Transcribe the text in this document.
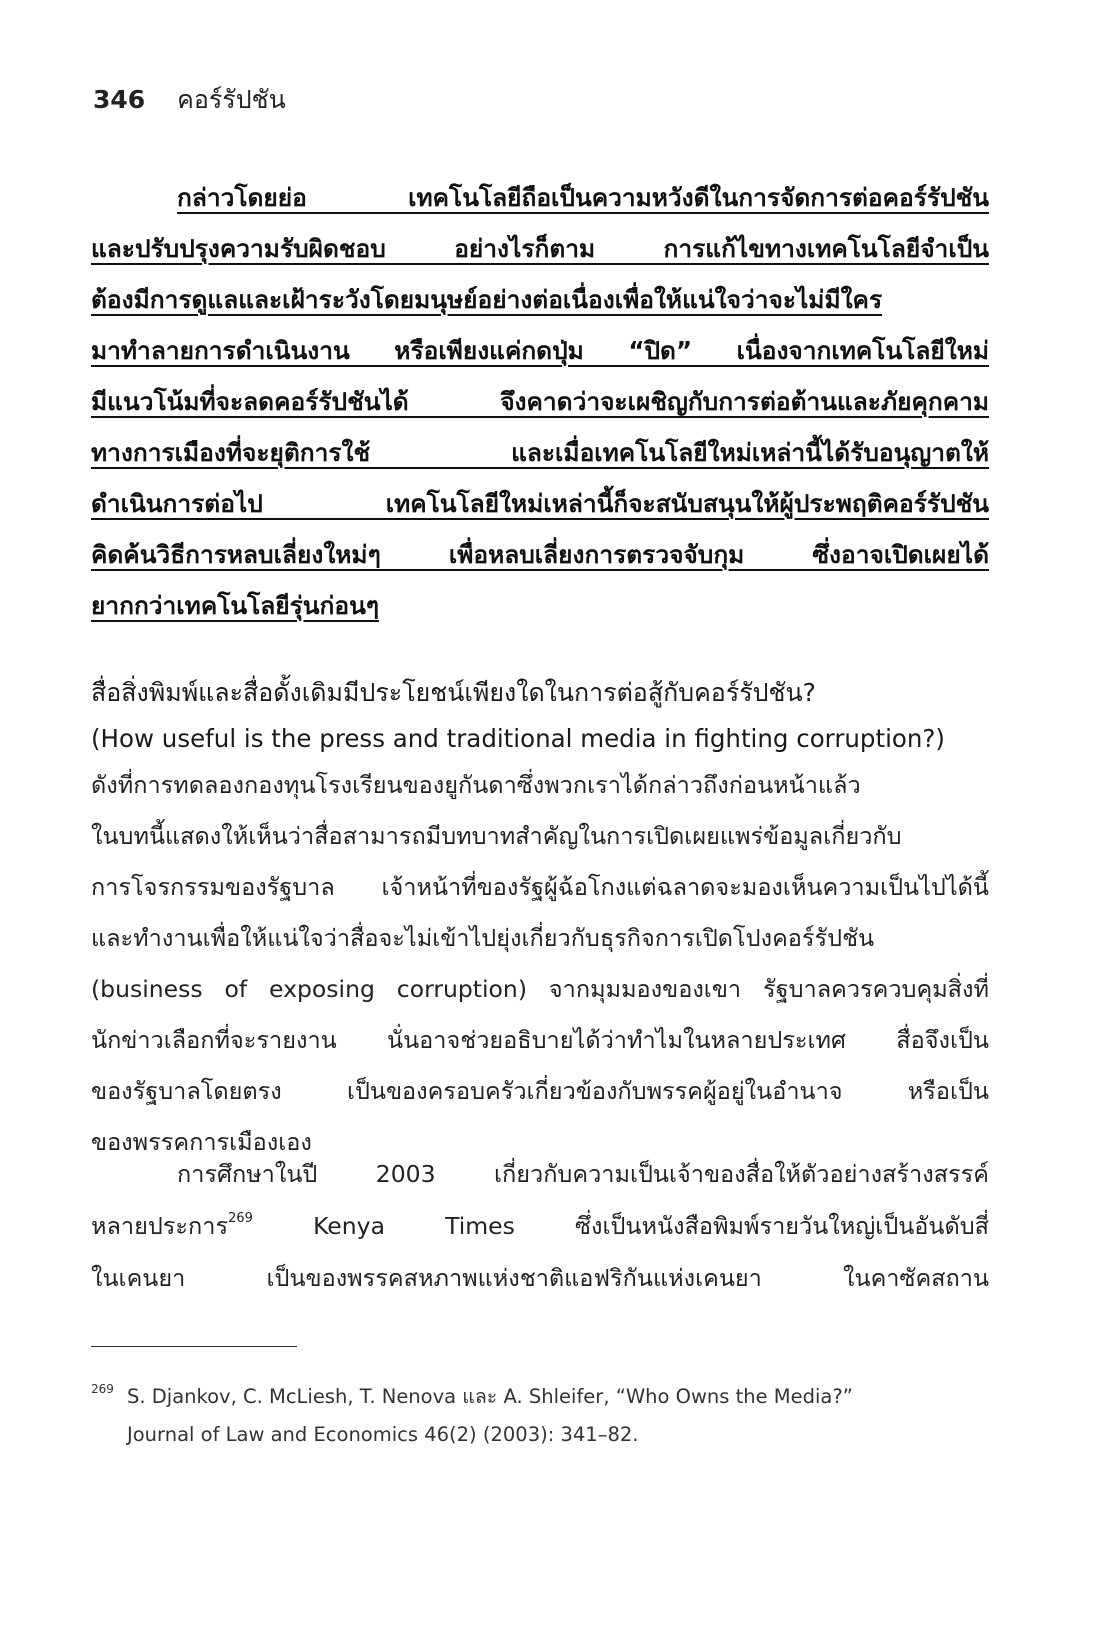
346 คอร์รัปชัน
กล่าวโดยย่อ เทคโนโลยีถือเป็นความหวังดีในการจัดการต่อคอร์รัปชัน
และปรับปรุงความรับผิดชอบ อย่างไรก็ตาม การแก้ไขทางเทคโนโลยีจำเป็น
ต้องมีการดูแลและเฝ้าระวังโดยมนุษย์อย่างต่อเนื่องเพื่อให้แน่ใจว่าจะไม่มีใคร
มาทำลายการดำเนินงาน หรือเพียงแค่กดปุ่ม “ปิด” เนื่องจากเทคโนโลยีใหม่
มีแนวโน้มที่จะลดคอร์รัปชันได้ จึงคาดว่าจะเผชิญกับการต่อต้านและภัยคุกคาม
ทางการเมืองที่จะยุติการใช้ และเมื่อเทคโนโลยีใหม่เหล่านี้ได้รับอนุญาตให้
ดำเนินการต่อไป เทคโนโลยีใหม่เหล่านี้ก็จะสนับสนุนให้ผู้ประพฤติคอร์รัปชัน
คิดค้นวิธีการหลบเลี่ยงใหม่ๆ เพื่อหลบเลี่ยงการตรวจจับกุม ซึ่งอาจเปิดเผยได้
ยากกว่าเทคโนโลยีรุ่นก่อนๆ
สื่อสิ่งพิมพ์และสื่อดั้งเดิมมีประโยชน์เพียงใดในการต่อสู้กับคอร์รัปชัน?
(How useful is the press and traditional media in fighting corruption?)
ดังที่การทดลองกองทุนโรงเรียนของยูกันดาซึ่งพวกเราได้กล่าวถึงก่อนหน้าแล้ว
ในบทนี้แสดงให้เห็นว่าสื่อสามารถมีบทบาทสำคัญในการเปิดเผยแพร่ข้อมูลเกี่ยวกับ
การโจรกรรมของรัฐบาล เจ้าหน้าที่ของรัฐผู้ฉ้อโกงแต่ฉลาดจะมองเห็นความเป็นไปได้นี้
และทำงานเพื่อให้แน่ใจว่าสื่อจะไม่เข้าไปยุ่งเกี่ยวกับธุรกิจการเปิดโปงคอร์รัปชัน
(business of exposing corruption) จากมุมมองของเขา รัฐบาลควรควบคุมสิ่งที่
นักข่าวเลือกที่จะรายงาน นั่นอาจช่วยอธิบายได้ว่าทำไมในหลายประเทศ สื่อจึงเป็น
ของรัฐบาลโดยตรง เป็นของครอบครัวเกี่ยวข้องกับพรรคผู้อยู่ในอำนาจ หรือเป็น
ของพรรคการเมืองเอง
การศึกษาในปี 2003 เกี่ยวกับความเป็นเจ้าของสื่อให้ตัวอย่างสร้างสรรค์
หลายประการ$^{269}$ Kenya Times ซึ่งเป็นหนังสือพิมพ์รายวันใหญ่เป็นอันดับสี่
ในเคนยา เป็นของพรรคสหภาพแห่งชาติแอฟริกันแห่งเคนยา ในคาซัคสถาน
269 S. Djankov, C. McLiesh, T. Nenova และ A. Shleifer, “Who Owns the Media?”
Journal of Law and Economics 46(2) (2003): 341–82.
